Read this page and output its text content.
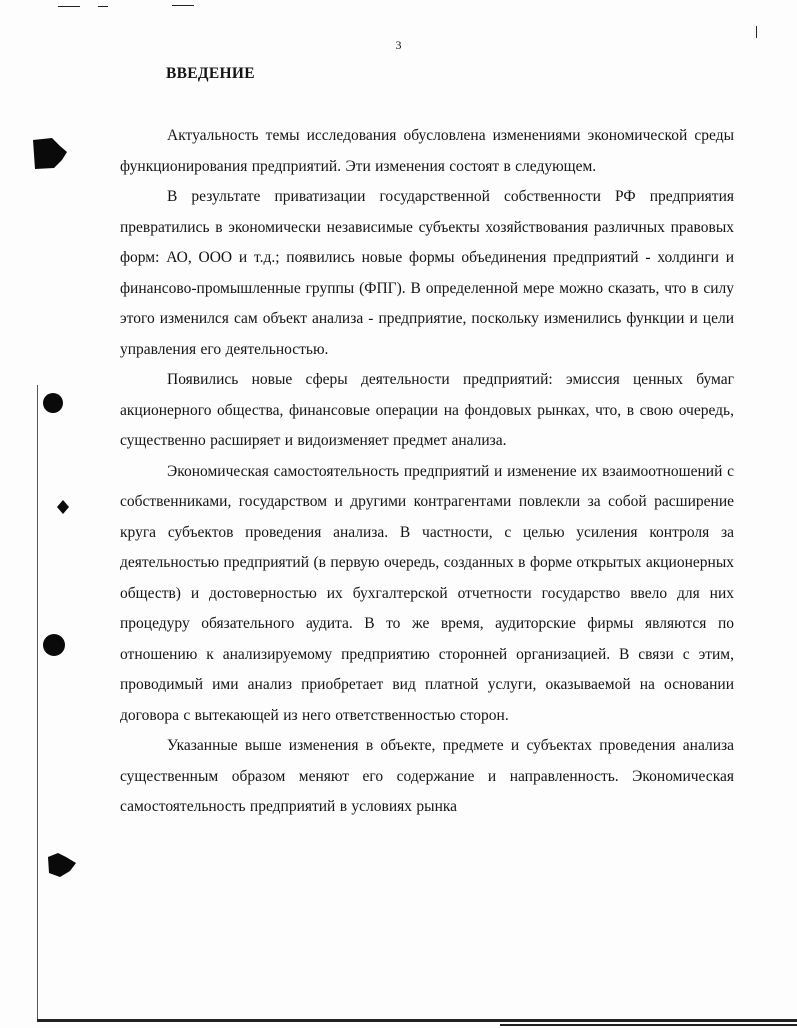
3
ВВЕДЕНИЕ

Актуальность темы исследования обусловлена изменениями экономической среды функционирования предприятий. Эти изменения состоят в следующем.

В результате приватизации государственной собственности РФ предприятия превратились в экономически независимые субъекты хозяйствования различных правовых форм: АО, ООО и т.д.; появились новые формы объединения предприятий - холдинги и финансово-промышленные группы (ФПГ). В определенной мере можно сказать, что в силу этого изменился сам объект анализа - предприятие, поскольку изменились функции и цели управления его деятельностью.

Появились новые сферы деятельности предприятий: эмиссия ценных бумаг акционерного общества, финансовые операции на фондовых рынках, что, в свою очередь, существенно расширяет и видоизменяет предмет анализа.

Экономическая самостоятельность предприятий и изменение их взаимоотношений с собственниками, государством и другими контрагентами повлекли за собой расширение круга субъектов проведения анализа. В частности, с целью усиления контроля за деятельностью предприятий (в первую очередь, созданных в форме открытых акционерных обществ) и достоверностью их бухгалтерской отчетности государство ввело для них процедуру обязательного аудита. В то же время, аудиторские фирмы являются по отношению к анализируемому предприятию сторонней организацией. В связи с этим, проводимый ими анализ приобретает вид платной услуги, оказываемой на основании договора с вытекающей из него ответственностью сторон.

Указанные выше изменения в объекте, предмете и субъектах проведения анализа существенным образом меняют его содержание и направленность. Экономическая самостоятельность предприятий в условиях рынка
